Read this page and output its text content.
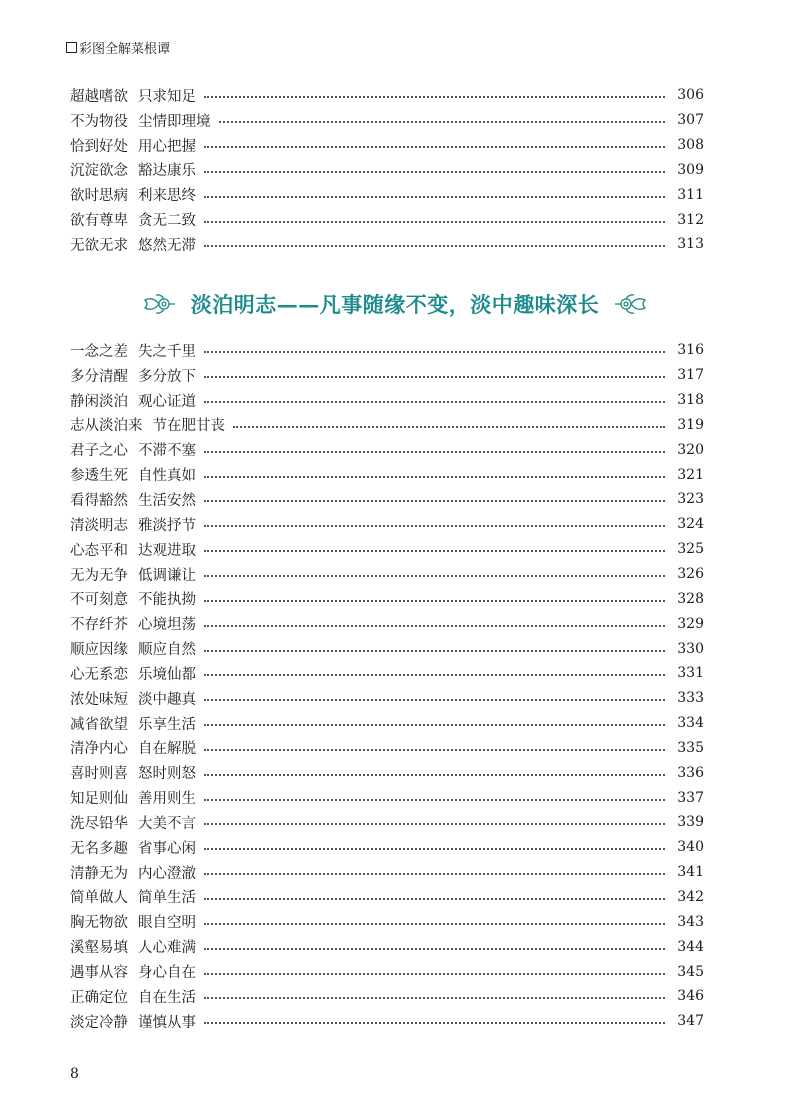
彩图全解菜根谭
超越嗜欲 只求知足	306
不为物役 尘情即理境	307
恰到好处 用心把握	308
沉淀欲念 豁达康乐	309
欲时思病 利来思终	311
欲有尊卑 贪无二致	312
无欲无求 悠然无滞	313
淡泊明志——凡事随缘不变，淡中趣味深长
一念之差 失之千里	316
多分清醒 多分放下	317
静闲淡泊 观心证道	318
志从淡泊来 节在肥甘丧	319
君子之心 不滞不塞	320
参透生死 自性真如	321
看得豁然 生活安然	323
清淡明志 雅淡抒节	324
心态平和 达观进取	325
无为无争 低调谦让	326
不可刻意 不能执拗	328
不存纤芥 心境坦荡	329
顺应因缘 顺应自然	330
心无系恋 乐境仙都	331
浓处味短 淡中趣真	333
减省欲望 乐享生活	334
清净内心 自在解脱	335
喜时则喜 怒时则怒	336
知足则仙 善用则生	337
洗尽铅华 大美不言	339
无名多趣 省事心闲	340
清静无为 内心澄澈	341
简单做人 简单生活	342
胸无物欲 眼自空明	343
溪壑易填 人心难满	344
遇事从容 身心自在	345
正确定位 自在生活	346
淡定冷静 谨慎从事	347
8
